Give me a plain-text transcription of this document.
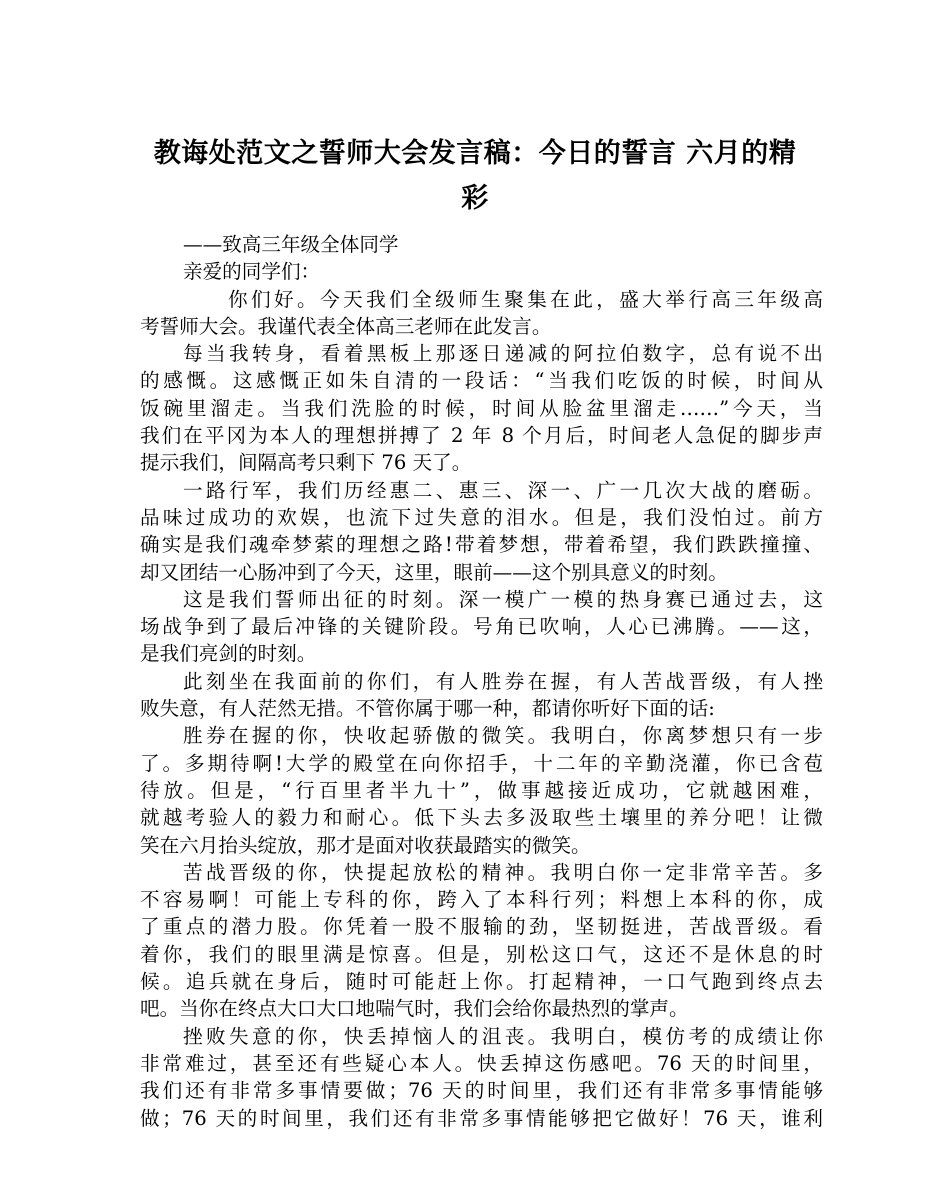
教诲处范文之誓师大会发言稿：今日的誓言 六月的精
彩
——致高三年级全体同学
亲爱的同学们：
你们好。今天我们全级师生聚集在此，盛大举行高三年级高
考誓师大会。我谨代表全体高三老师在此发言。
每当我转身，看着黑板上那逐日递减的阿拉伯数字，总有说不出
的感慨。这感慨正如朱自清的一段话：“当我们吃饭的时候，时间从
饭碗里溜走。当我们洗脸的时候，时间从脸盆里溜走……”今天，当
我们在平冈为本人的理想拼搏了 2 年 8 个月后，时间老人急促的脚步声
提示我们，间隔高考只剩下 76 天了。
一路行军，我们历经惠二、惠三、深一、广一几次大战的磨砺。
品味过成功的欢娱，也流下过失意的泪水。但是，我们没怕过。前方
确实是我们魂牵梦萦的理想之路!带着梦想，带着希望，我们跌跌撞撞、
却又团结一心肠冲到了今天，这里，眼前——这个别具意义的时刻。
这是我们誓师出征的时刻。深一模广一模的热身赛已通过去，这
场战争到了最后冲锋的关键阶段。号角已吹响，人心已沸腾。——这，
是我们亮剑的时刻。
此刻坐在我面前的你们，有人胜券在握，有人苦战晋级，有人挫
败失意，有人茫然无措。不管你属于哪一种，都请你听好下面的话:
胜券在握的你，快收起骄傲的微笑。我明白，你离梦想只有一步
了。多期待啊!大学的殿堂在向你招手，十二年的辛勤浇灌，你已含苞
待放。但是，“行百里者半九十”，做事越接近成功，它就越困难，
就越考验人的毅力和耐心。低下头去多汲取些土壤里的养分吧！让微
笑在六月抬头绽放，那才是面对收获最踏实的微笑。
苦战晋级的你，快提起放松的精神。我明白你一定非常辛苦。多
不容易啊！可能上专科的你，跨入了本科行列；料想上本科的你，成
了重点的潜力股。你凭着一股不服输的劲，坚韧挺进，苦战晋级。看
着你，我们的眼里满是惊喜。但是，别松这口气，这还不是休息的时
候。追兵就在身后，随时可能赶上你。打起精神，一口气跑到终点去
吧。当你在终点大口大口地喘气时，我们会给你最热烈的掌声。
挫败失意的你，快丢掉恼人的沮丧。我明白，模仿考的成绩让你
非常难过，甚至还有些疑心本人。快丢掉这伤感吧。76 天的时间里，
我们还有非常多事情要做；76 天的时间里，我们还有非常多事情能够
做；76 天的时间里，我们还有非常多事情能够把它做好！76 天，谁利
